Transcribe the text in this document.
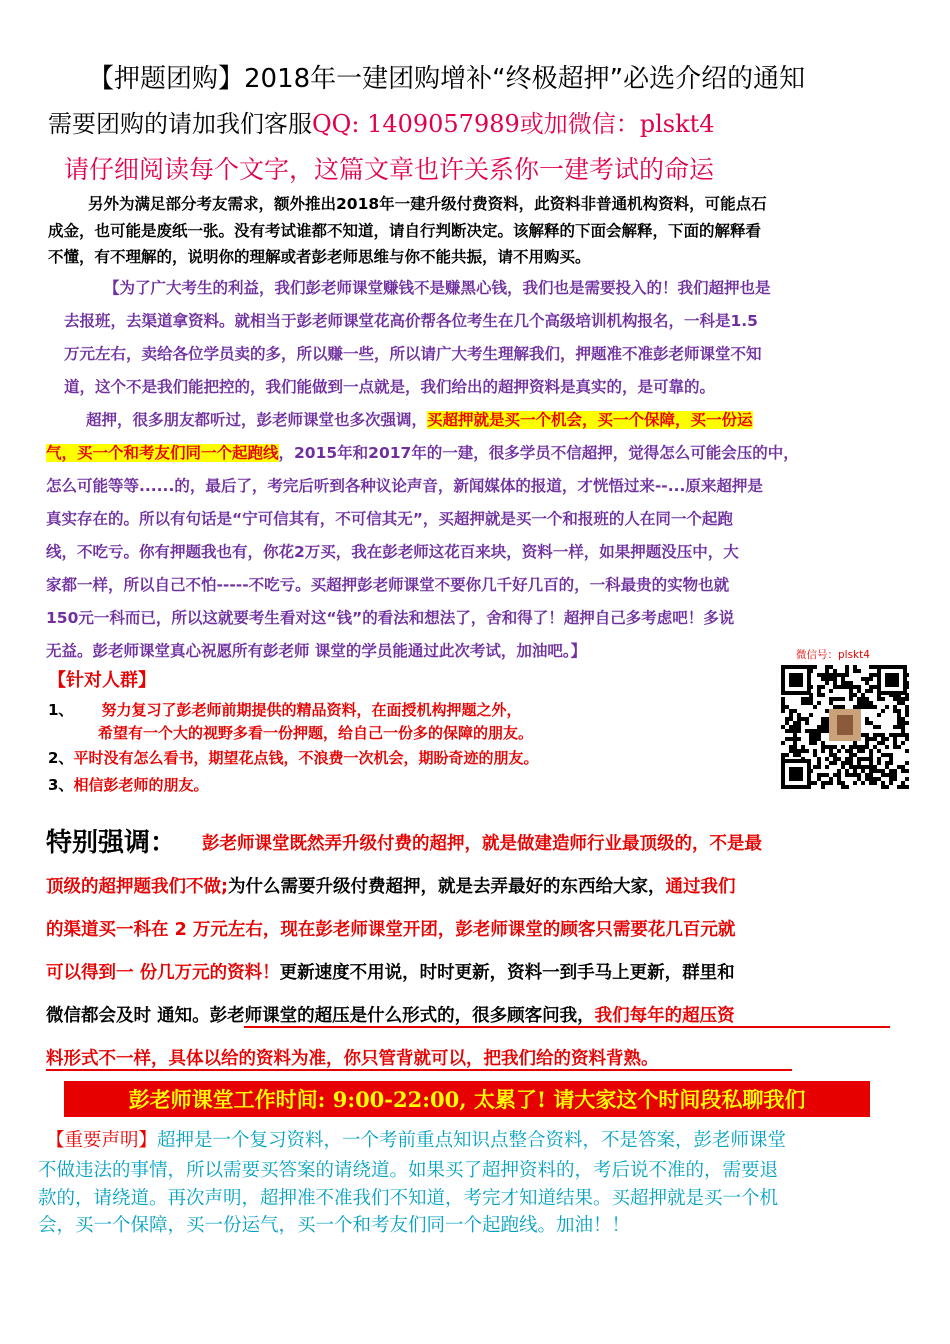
【押题团购】2018年一建团购增补“终极超押”必选介绍的通知
需要团购的请加我们客服QQ: 1409057989或加微信：plskt4
请仔细阅读每个文字，这篇文章也许关系你一建考试的命运
另外为满足部分考友需求，额外推出2018年一建升级付费资料，此资料非普通机构资料，可能点石
成金，也可能是废纸一张。没有考试谁都不知道，请自行判断决定。该解释的下面会解释，下面的解释看
不懂，有不理解的，说明你的理解或者彭老师思维与你不能共振，请不用购买。
【为了广大考生的利益，我们彭老师课堂赚钱不是赚黑心钱，我们也是需要投入的！我们超押也是
去报班，去渠道拿资料。就相当于彭老师课堂花高价帮各位考生在几个高级培训机构报名，一科是1.5
万元左右，卖给各位学员卖的多，所以赚一些，所以请广大考生理解我们，押题准不准彭老师课堂不知
道，这个不是我们能把控的，我们能做到一点就是，我们给出的超押资料是真实的，是可靠的。
超押，很多朋友都听过，彭老师课堂也多次强调，买超押就是买一个机会，买一个保障，买一份运
气，买一个和考友们同一个起跑线，2015年和2017年的一建，很多学员不信超押，觉得怎么可能会压的中，
怎么可能等等......的，最后了，考完后听到各种议论声音，新闻媒体的报道，才恍悟过来--...原来超押是
真实存在的。所以有句话是“宁可信其有，不可信其无”，买超押就是买一个和报班的人在同一个起跑
线，不吃亏。你有押题我也有，你花2万买，我在彭老师这花百来块，资料一样，如果押题没压中，大
家都一样，所以自己不怕-----不吃亏。买超押彭老师课堂不要你几千好几百的，一科最贵的实物也就
150元一科而已，所以这就要考生看对这“钱”的看法和想法了，舍和得了！超押自己多考虑吧！多说
无益。彭老师课堂真心祝愿所有彭老师 课堂的学员能通过此次考试，加油吧。】
【针对人群】
1、 努力复习了彭老师前期提供的精品资料，在面授机构押题之外，
希望有一个大的视野多看一份押题，给自己一份多的保障的朋友。
2、平时没有怎么看书，期望花点钱，不浪费一次机会，期盼奇迹的朋友。
3、相信彭老师的朋友。
微信号：plskt4
特别强调： 彭老师课堂既然弄升级付费的超押，就是做建造师行业最顶级的，不是最
顶级的超押题我们不做;为什么需要升级付费超押，就是去弄最好的东西给大家，通过我们
的渠道买一科在 2 万元左右，现在彭老师课堂开团，彭老师课堂的顾客只需要花几百元就
可以得到一 份几万元的资料！更新速度不用说，时时更新，资料一到手马上更新，群里和
微信都会及时 通知。彭老师课堂的超压是什么形式的，很多顾客问我，我们每年的超压资
料形式不一样，具体以给的资料为准，你只管背就可以，把我们给的资料背熟。
彭老师课堂工作时间: 9:00-22:00, 太累了! 请大家这个时间段私聊我们
【重要声明】超押是一个复习资料，一个考前重点知识点整合资料，不是答案，彭老师课堂
不做违法的事情，所以需要买答案的请绕道。如果买了超押资料的，考后说不准的，需要退
款的，请绕道。再次声明，超押准不准我们不知道，考完才知道结果。买超押就是买一个机
会，买一个保障，买一份运气，买一个和考友们同一个起跑线。加油！！
